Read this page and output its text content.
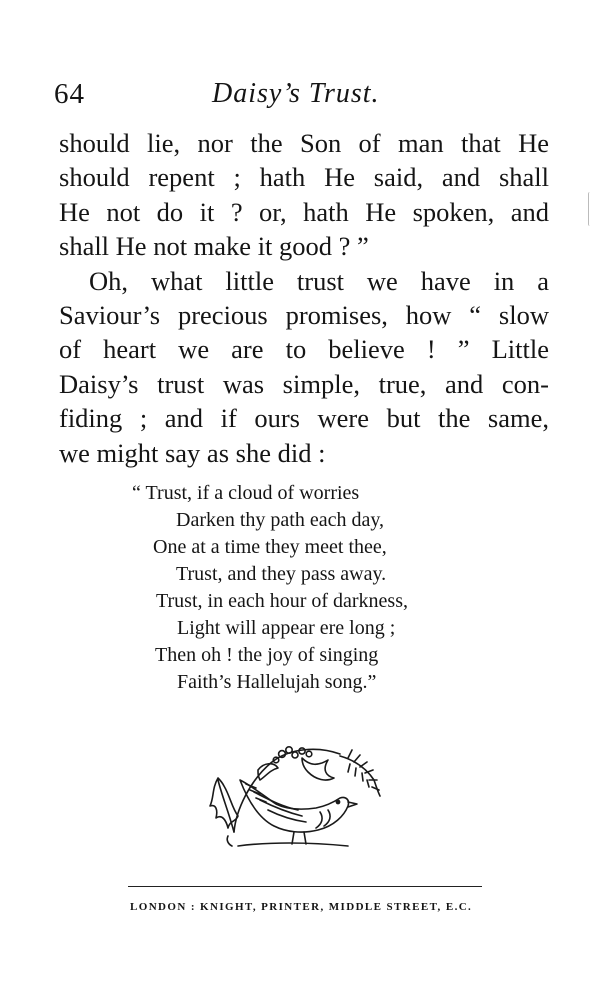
64	Daisy’s Trust.
should lie, nor the Son of man that He
should repent ; hath He said, and shall
He not do it ? or, hath He spoken, and
shall He not make it good ? ”
Oh, what little trust we have in a
Saviour’s precious promises, how “ slow
of heart we are to believe ! ” Little
Daisy’s trust was simple, true, and con-
fiding ; and if ours were but the same,
we might say as she did :
“ Trust, if a cloud of worries
Darken thy path each day,
One at a time they meet thee,
Trust, and they pass away.
Trust, in each hour of darkness,
Light will appear ere long ;
Then oh ! the joy of singing
Faith’s Hallelujah song.”
LONDON : KNIGHT, PRINTER, MIDDLE STREET, E.C.
